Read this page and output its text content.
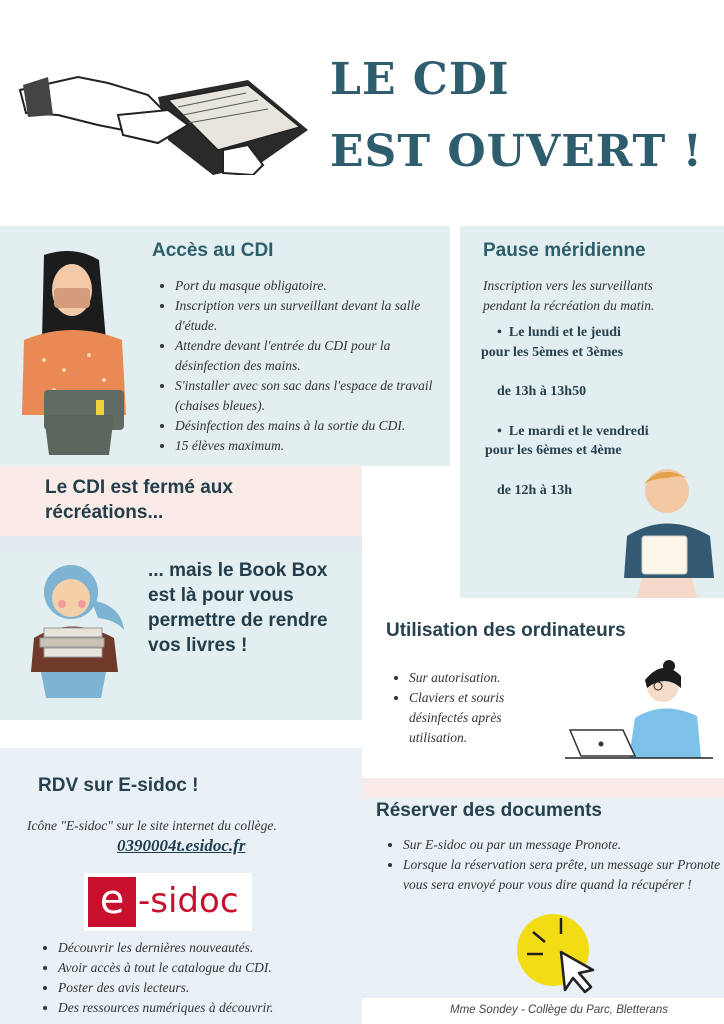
LE CDI
EST OUVERT !
Accès au CDI
• Port du masque obligatoire.
• Inscription vers un surveillant devant la salle d'étude.
• Attendre devant l'entrée du CDI pour la désinfection des mains.
• S'installer avec son sac dans l'espace de travail (chaises bleues).
• Désinfection des mains à la sortie du CDI.
• 15 élèves maximum.
Pause méridienne
Inscription vers les surveillants pendant la récréation du matin.
•  Le lundi et le jeudi
pour les 5èmes et 3èmes
de 13h à 13h50
•  Le mardi et le vendredi
pour les 6èmes et 4ème
de 12h à 13h
Le CDI est fermé aux récréations...
... mais le Book Box est là pour vous permettre de rendre vos livres !
Utilisation des ordinateurs
• Sur autorisation.
• Claviers et souris désinfectés après utilisation.
Réserver des documents
• Sur E-sidoc ou par un message Pronote.
• Lorsque la réservation sera prête, un message sur Pronote vous sera envoyé pour vous dire quand la récupérer !
RDV sur E-sidoc !
Icône "E-sidoc" sur le site internet du collège.
0390004t.esidoc.fr
e -sidoc
• Découvrir les dernières nouveautés.
• Avoir accès à tout le catalogue du CDI.
• Poster des avis lecteurs.
• Des ressources numériques à découvrir.	Mme Sondey - Collège du Parc, Bletterans
